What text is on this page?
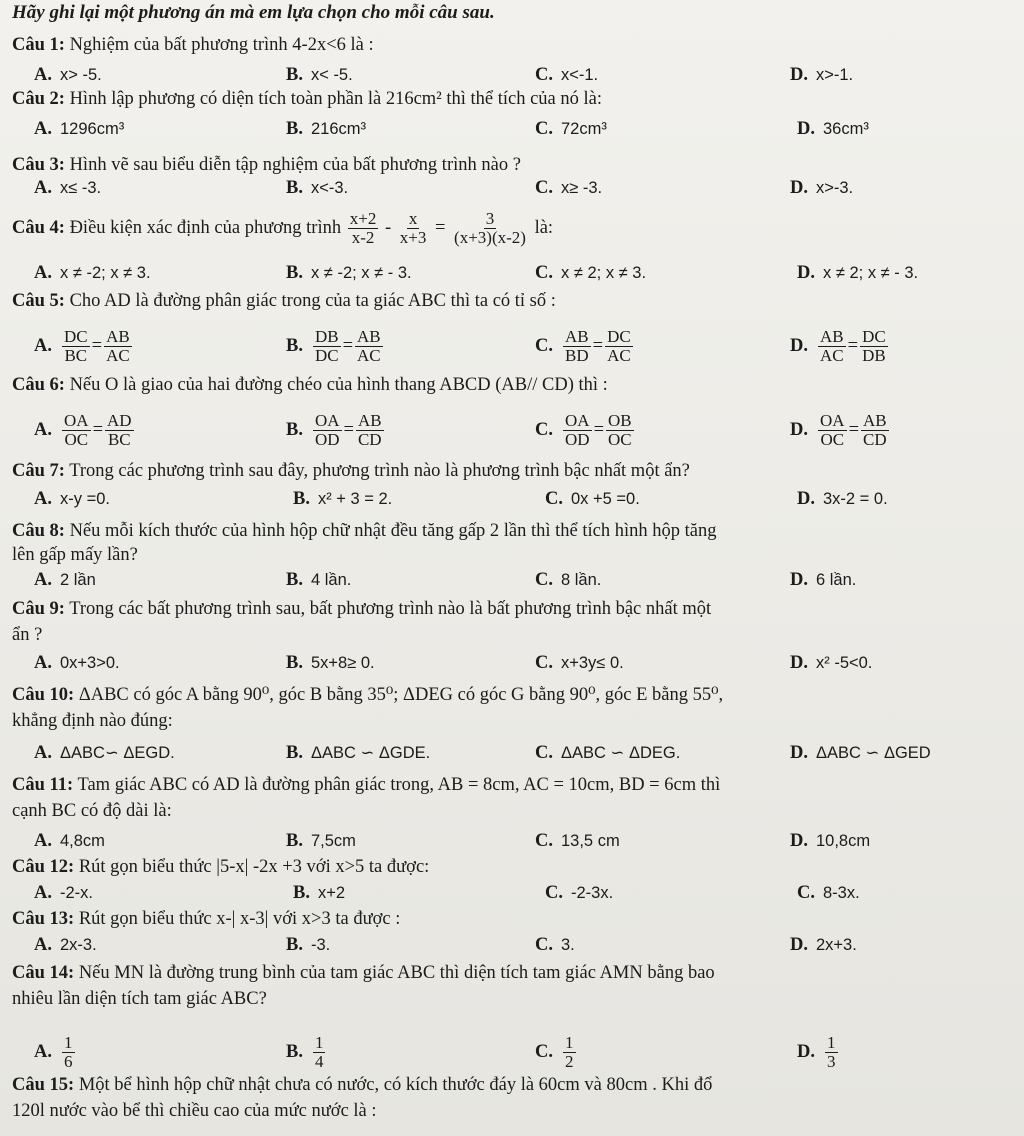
Hãy ghi lại một phương án mà em lựa chọn cho mỗi câu sau.
Câu 1: Nghiệm của bất phương trình 4-2x<6 là :
A. x> -5.	B. x< -5.	C. x<-1.	D. x>-1.
Câu 2: Hình lập phương có diện tích toàn phần là 216cm² thì thể tích của nó là:
A. 1296cm³	B. 216cm³	C. 72cm³	D. 36cm³
Câu 3: Hình vẽ sau biểu diễn tập nghiệm của bất phương trình nào ?
A. x≤ -3.	B. x<-3.	C. x≥ -3.	D. x>-3.
Câu 4: Điều kiện xác định của phương trình $\frac{x+2}{x-2} - \frac{x}{x+3} = \frac{3}{(x+3)(x-2)}$ là:
A. x ≠ -2; x ≠ 3.	B. x ≠ -2; x ≠ - 3.	C. x ≠ 2; x ≠ 3.	D. x ≠ 2; x ≠ - 3.
Câu 5: Cho AD là đường phân giác trong của ta giác ABC thì ta có tỉ số :
A. $\frac{DC}{BC} = \frac{AB}{AC}$	B. $\frac{DB}{DC} = \frac{AB}{AC}$	C. $\frac{AB}{BD} = \frac{DC}{AC}$	D. $\frac{AB}{AC} = \frac{DC}{DB}$
Câu 6: Nếu O là giao của hai đường chéo của hình thang ABCD (AB// CD) thì :
A. $\frac{OA}{OC} = \frac{AD}{BC}$	B. $\frac{OA}{OD} = \frac{AB}{CD}$	C. $\frac{OA}{OD} = \frac{OB}{OC}$	D. $\frac{OA}{OC} = \frac{AB}{CD}$
Câu 7: Trong các phương trình sau đây, phương trình nào là phương trình bậc nhất một ẩn?
A. x-y =0.	B. x² + 3 = 2.	C. 0x +5 =0.	D. 3x-2 = 0.
Câu 8: Nếu mỗi kích thước của hình hộp chữ nhật đều tăng gấp 2 lần thì thể tích hình hộp tăng
lên gấp mấy lần?
A. 2 lần	B. 4 lần.	C. 8 lần.	D. 6 lần.
Câu 9: Trong các bất phương trình sau, bất phương trình nào là bất phương trình bậc nhất một
ẩn ?
A. 0x+3>0.	B. 5x+8≥ 0.	C. x+3y≤ 0.	D. x² -5<0.
Câu 10: ΔABC có góc A bằng 90⁰, góc B bằng 35⁰; ΔDEG có góc G bằng 90⁰, góc E bằng 55⁰,
khẳng định nào đúng:
A. ΔABC∽ ΔEGD.	B. ΔABC ∽ ΔGDE.	C. ΔABC ∽ ΔDEG.	D. ΔABC ∽ ΔGED
Câu 11: Tam giác ABC có AD là đường phân giác trong, AB = 8cm, AC = 10cm, BD = 6cm thì
cạnh BC có độ dài là:
A. 4,8cm	B. 7,5cm	C. 13,5 cm	D. 10,8cm
Câu 12: Rút gọn biểu thức |5-x| -2x +3 với x>5 ta được:
A. -2-x.	B. x+2	C. -2-3x.	C. 8-3x.
Câu 13: Rút gọn biểu thức x-| x-3| với x>3 ta được :
A. 2x-3.	B. -3.	C. 3.	D. 2x+3.
Câu 14: Nếu MN là đường trung bình của tam giác ABC thì diện tích tam giác AMN bằng bao
nhiêu lần diện tích tam giác ABC?
A. $\frac{1}{6}$	B. $\frac{1}{4}$	C. $\frac{1}{2}$	D. $\frac{1}{3}$
Câu 15: Một bể hình hộp chữ nhật chưa có nước, có kích thước đáy là 60cm và 80cm . Khi đổ
120l nước vào bể thì chiều cao của mức nước là :
